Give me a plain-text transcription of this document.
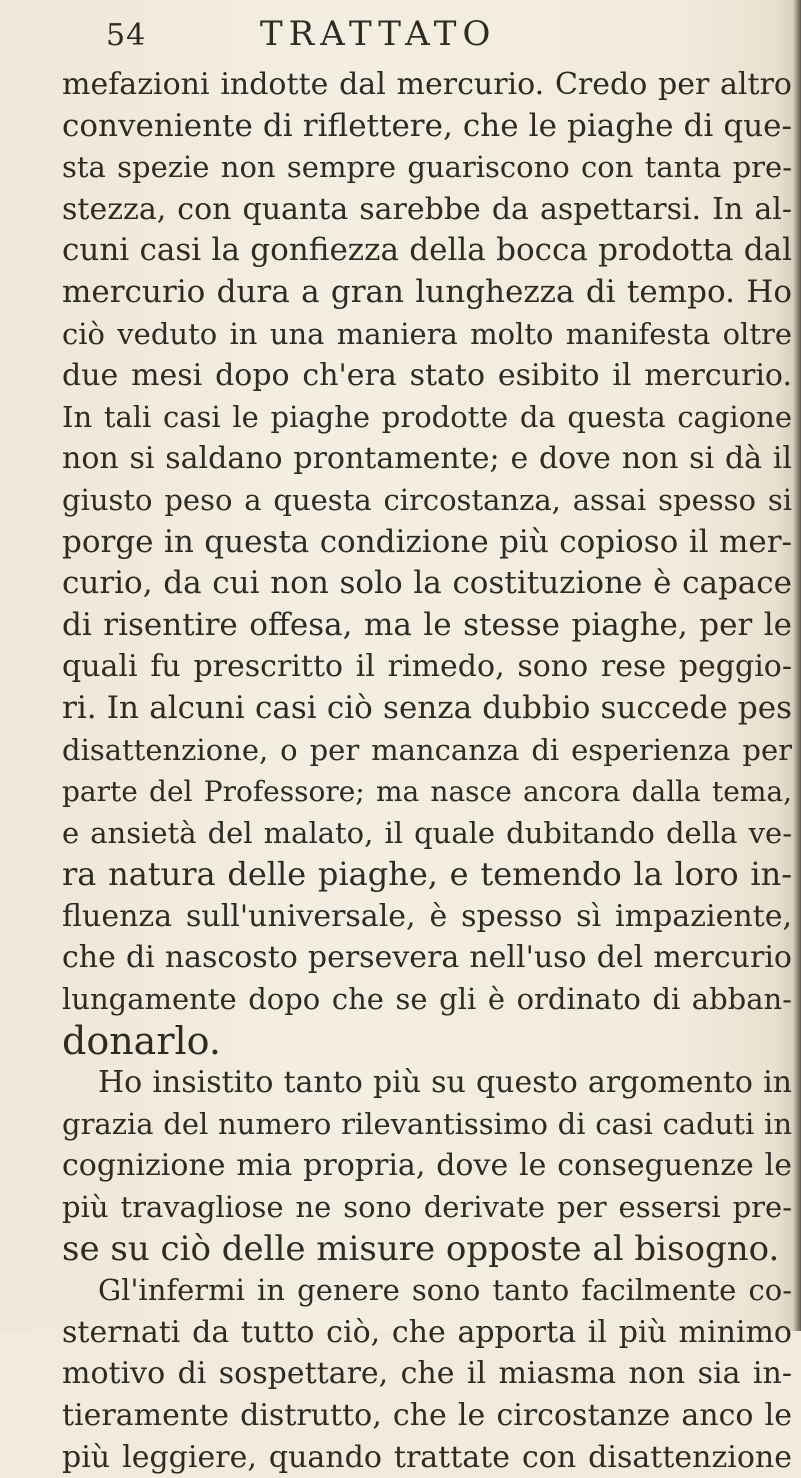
54	TRATTATO
mefazioni indotte dal mercurio. Credo per altro
conveniente di riflettere, che le piaghe di que-
sta spezie non sempre guariscono con tanta pre-
stezza, con quanta sarebbe da aspettarsi. In al-
cuni casi la gonfiezza della bocca prodotta dal
mercurio dura a gran lunghezza di tempo. Ho
ciò veduto in una maniera molto manifesta oltre
due mesi dopo ch'era stato esibito il mercurio.
In tali casi le piaghe prodotte da questa cagione
non si saldano prontamente; e dove non si dà il
giusto peso a questa circostanza, assai spesso si
porge in questa condizione più copioso il mer-
curio, da cui non solo la costituzione è capace
di risentire offesa, ma le stesse piaghe, per le
quali fu prescritto il rimedo, sono rese peggio-
ri. In alcuni casi ciò senza dubbio succede pes
disattenzione, o per mancanza di esperienza per
parte del Professore; ma nasce ancora dalla tema,
e ansietà del malato, il quale dubitando della ve-
ra natura delle piaghe, e temendo la loro in-
fluenza sull'universale, è spesso sì impaziente,
che di nascosto persevera nell'uso del mercurio
lungamente dopo che se gli è ordinato di abban-
donarlo.
Ho insistito tanto più su questo argomento in
grazia del numero rilevantissimo di casi caduti in
cognizione mia propria, dove le conseguenze le
più travagliose ne sono derivate per essersi pre-
se su ciò delle misure opposte al bisogno.
Gl'infermi in genere sono tanto facilmente co-
sternati da tutto ciò, che apporta il più minimo
motivo di sospettare, che il miasma non sia in-
tieramente distrutto, che le circostanze anco le
più leggiere, quando trattate con disattenzione
